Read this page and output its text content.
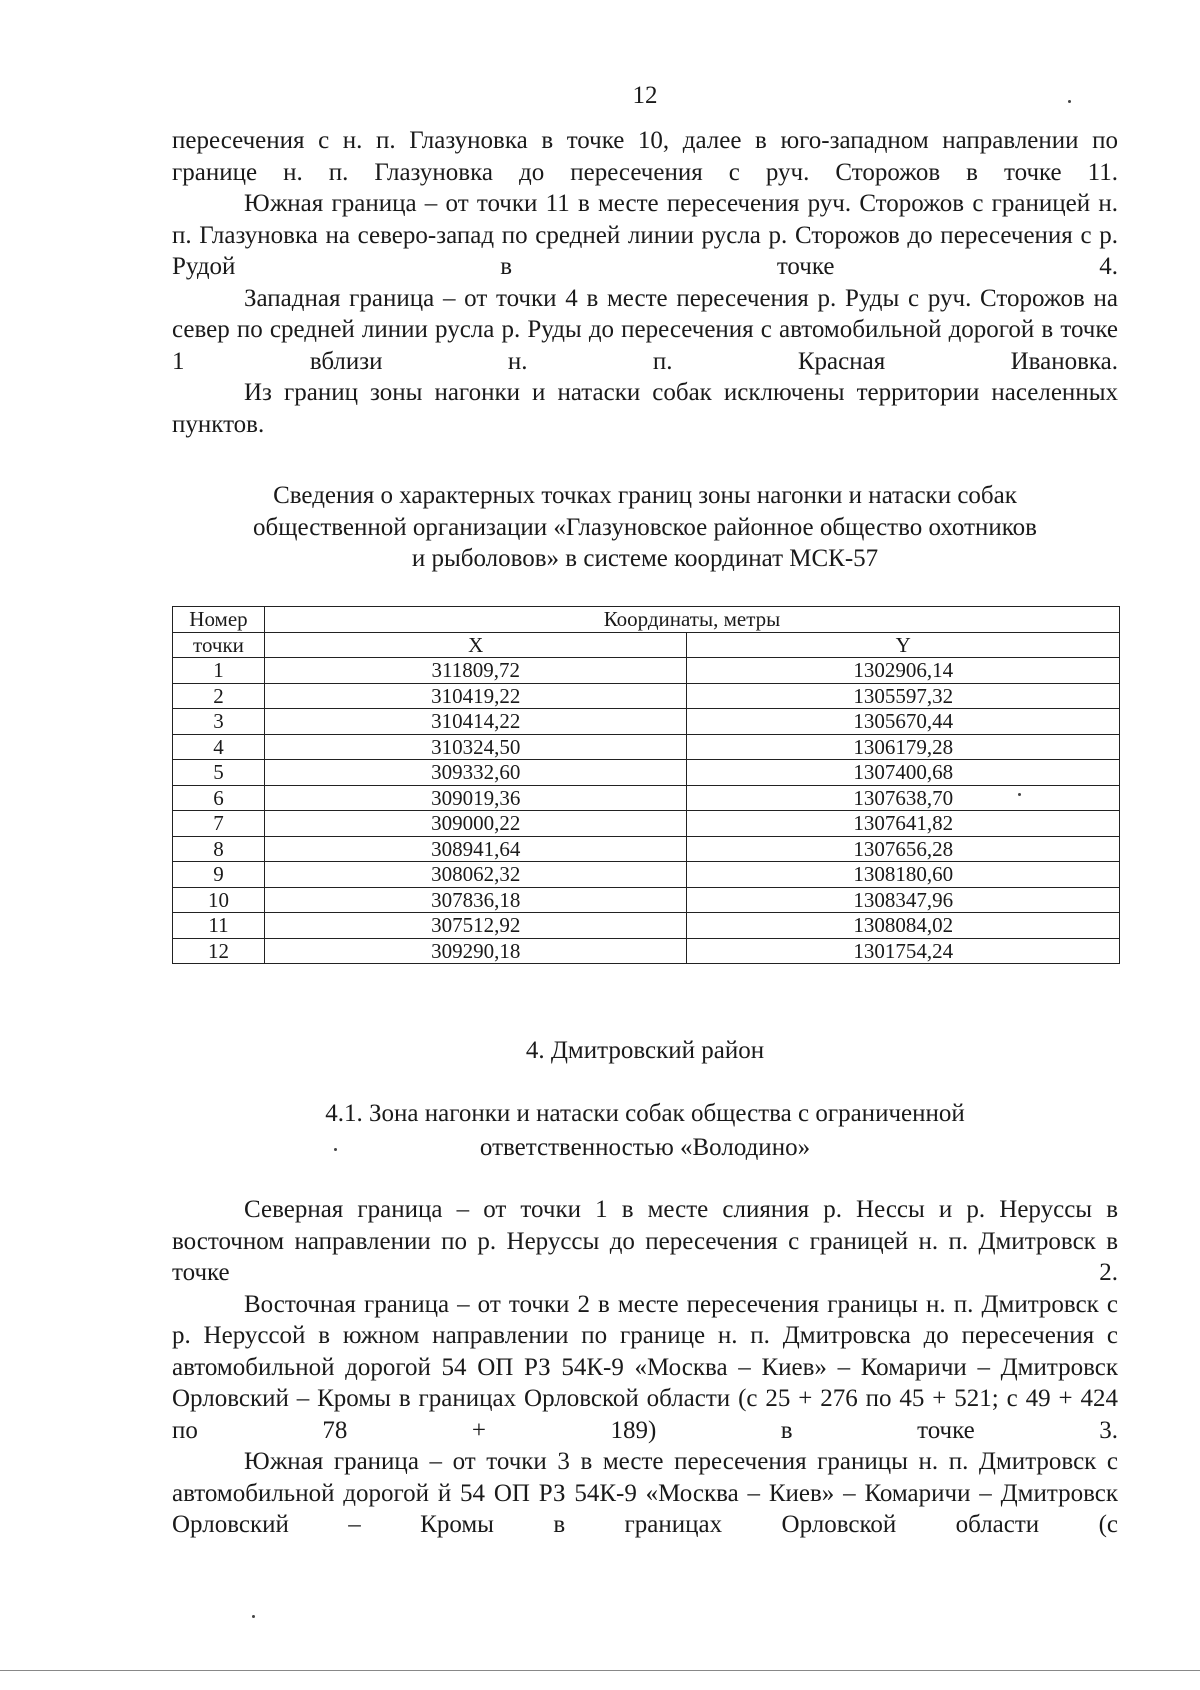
12

пересечения с н. п. Глазуновка в точке 10, далее в юго-западном направлении по границе н. п. Глазуновка до пересечения с руч. Сторожов в точке 11.

Южная граница – от точки 11 в месте пересечения руч. Сторожов с границей н. п. Глазуновка на северо-запад по средней линии русла р. Сторожов до пересечения с р. Рудой в точке 4.

Западная граница – от точки 4 в месте пересечения р. Руды с руч. Сторожов на север по средней линии русла р. Руды до пересечения с автомобильной дорогой в точке 1 вблизи н. п. Красная Ивановка.

Из границ зоны нагонки и натаски собак исключены территории населенных пунктов.

Сведения о характерных точках границ зоны нагонки и натаски собак
общественной организации «Глазуновское районное общество охотников
и рыболовов» в системе координат МСК-57
Номер	Координаты, метры	
точки	X	Y
1	311809,72	1302906,14
2	310419,22	1305597,32
3	310414,22	1305670,44
4	310324,50	1306179,28
5	309332,60	1307400,68
6	309019,36	1307638,70
7	309000,22	1307641,82
8	308941,64	1307656,28
9	308062,32	1308180,60
10	307836,18	1308347,96
11	307512,92	1308084,02
12	309290,18	1301754,24
4. Дмитровский район
4.1. Зона нагонки и натаски собак общества с ограниченной
ответственностью «Володино»

Северная граница – от точки 1 в месте слияния р. Нессы и р. Неруссы в восточном направлении по р. Неруссы до пересечения с границей н. п. Дмитровск в точке 2.

Восточная граница – от точки 2 в месте пересечения границы н. п. Дмитровск с р. Неруссой в южном направлении по границе н. п. Дмитровска до пересечения с автомобильной дорогой 54 ОП РЗ 54К-9 «Москва – Киев» – Комаричи – Дмитровск Орловский – Кромы в границах Орловской области (с 25 + 276 по 45 + 521; с 49 + 424 по 78 + 189) в точке 3.

Южная граница – от точки 3 в месте пересечения границы н. п. Дмитровск с автомобильной дорогой й 54 ОП РЗ 54К-9 «Москва – Киев» – Комаричи – Дмитровск Орловский – Кромы в границах Орловской области (с
